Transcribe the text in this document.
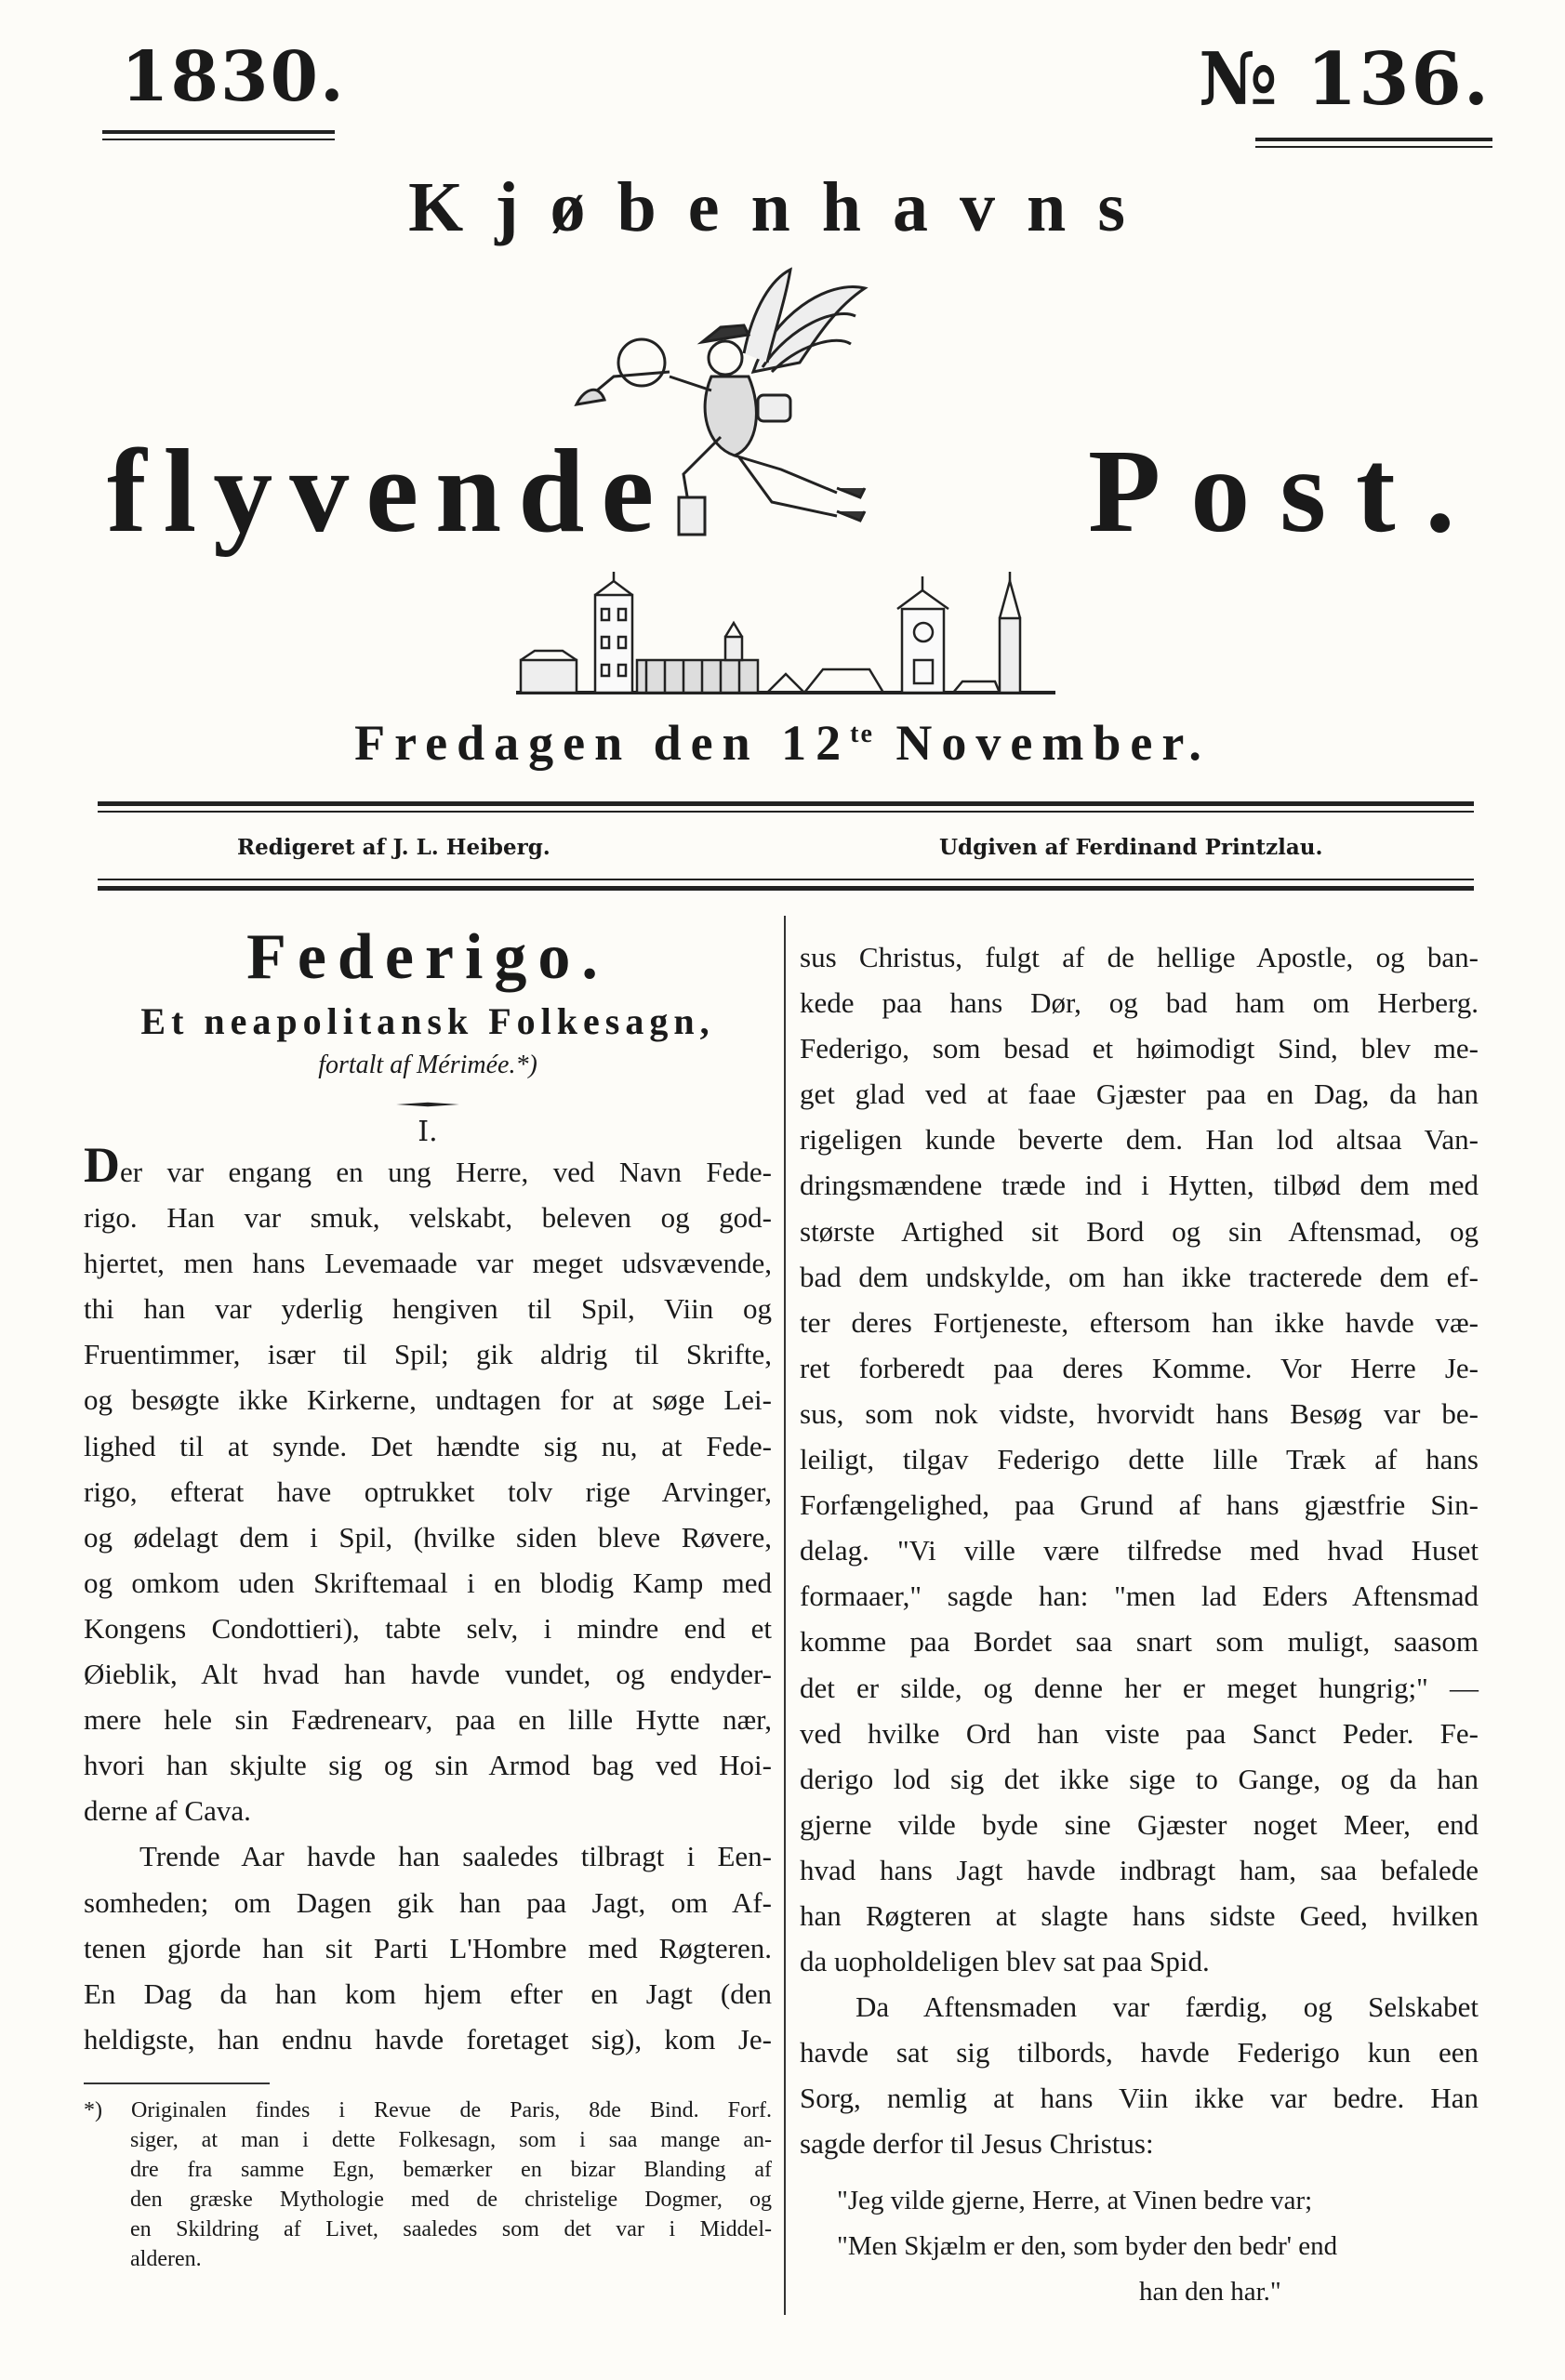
1830.	№ 136.
Kjøbenhavns
flyvende	Post.
Fredagen den $12^{te}$ November.
Redigeret af J. L. Heiberg.	Udgiven af Ferdinand Printzlau.
Federigo.
Et neapolitansk Folkesagn,
fortalt af Mérimée.*)
I.
Der var engang en ung Herre, ved Navn Fede-
rigo. Han var smuk, velskabt, beleven og god-
hjertet, men hans Levemaade var meget udsvævende,
thi han var yderlig hengiven til Spil, Viin og
Fruentimmer, især til Spil; gik aldrig til Skrifte,
og besøgte ikke Kirkerne, undtagen for at søge Lei-
lighed til at synde. Det hændte sig nu, at Fede-
rigo, efterat have optrukket tolv rige Arvinger,
og ødelagt dem i Spil, (hvilke siden bleve Røvere,
og omkom uden Skriftemaal i en blodig Kamp med
Kongens Condottieri), tabte selv, i mindre end et
Øieblik, Alt hvad han havde vundet, og endyder-
mere hele sin Fædrenearv, paa en lille Hytte nær,
hvori han skjulte sig og sin Armod bag ved Hoi-
derne af Cava.
Trende Aar havde han saaledes tilbragt i Een-
somheden; om Dagen gik han paa Jagt, om Af-
tenen gjorde han sit Parti L'Hombre med Røgteren.
En Dag da han kom hjem efter en Jagt (den
heldigste, han endnu havde foretaget sig), kom Je-
*) Originalen findes i Revue de Paris, 8de Bind. Forf.
siger, at man i dette Folkesagn, som i saa mange an-
dre fra samme Egn, bemærker en bizar Blanding af
den græske Mythologie med de christelige Dogmer, og
en Skildring af Livet, saaledes som det var i Middel-
alderen.
sus Christus, fulgt af de hellige Apostle, og ban-
kede paa hans Dør, og bad ham om Herberg.
Federigo, som besad et høimodigt Sind, blev me-
get glad ved at faae Gjæster paa en Dag, da han
rigeligen kunde beverte dem. Han lod altsaa Van-
dringsmændene træde ind i Hytten, tilbød dem med
største Artighed sit Bord og sin Aftensmad, og
bad dem undskylde, om han ikke tracterede dem ef-
ter deres Fortjeneste, eftersom han ikke havde væ-
ret forberedt paa deres Komme. Vor Herre Je-
sus, som nok vidste, hvorvidt hans Besøg var be-
leiligt, tilgav Federigo dette lille Træk af hans
Forfængelighed, paa Grund af hans gjæstfrie Sin-
delag. "Vi ville være tilfredse med hvad Huset
formaaer," sagde han: "men lad Eders Aftensmad
komme paa Bordet saa snart som muligt, saasom
det er silde, og denne her er meget hungrig;" —
ved hvilke Ord han viste paa Sanct Peder. Fe-
derigo lod sig det ikke sige to Gange, og da han
gjerne vilde byde sine Gjæster noget Meer, end
hvad hans Jagt havde indbragt ham, saa befalede
han Røgteren at slagte hans sidste Geed, hvilken
da uopholdeligen blev sat paa Spid.
Da Aftensmaden var færdig, og Selskabet
havde sat sig tilbords, havde Federigo kun een
Sorg, nemlig at hans Viin ikke var bedre. Han
sagde derfor til Jesus Christus:
"Jeg vilde gjerne, Herre, at Vinen bedre var;
"Men Skjælm er den, som byder den bedr' end
han den har."
